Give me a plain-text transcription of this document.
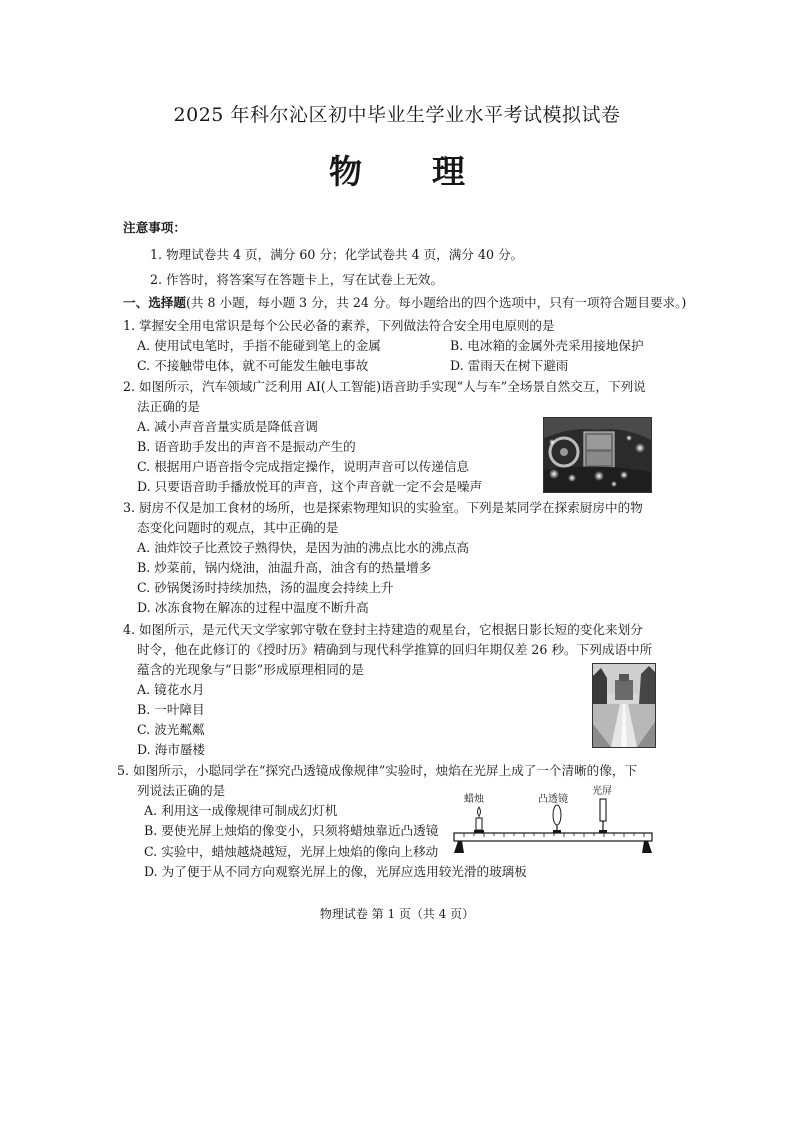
2025 年科尔沁区初中毕业生学业水平考试模拟试卷
物理
注意事项：
1. 物理试卷共 4 页，满分 60 分；化学试卷共 4 页，满分 40 分。
2. 作答时，将答案写在答题卡上，写在试卷上无效。
一、选择题(共 8 小题，每小题 3 分，共 24 分。每小题给出的四个选项中，只有一项符合题目要求。)
1. 掌握安全用电常识是每个公民必备的素养，下列做法符合安全用电原则的是
A. 使用试电笔时，手指不能碰到笔上的金属	B. 电冰箱的金属外壳采用接地保护
C. 不接触带电体，就不可能发生触电事故	D. 雷雨天在树下避雨
2. 如图所示，汽车领域广泛利用 AI(人工智能)语音助手实现“人与车”全场景自然交互，下列说
法正确的是
A. 减小声音音量实质是降低音调
B. 语音助手发出的声音不是振动产生的
C. 根据用户语音指令完成指定操作，说明声音可以传递信息
D. 只要语音助手播放悦耳的声音，这个声音就一定不会是噪声
3. 厨房不仅是加工食材的场所，也是探索物理知识的实验室。下列是某同学在探索厨房中的物
态变化问题时的观点，其中正确的是
A. 油炸饺子比煮饺子熟得快，是因为油的沸点比水的沸点高
B. 炒菜前，锅内烧油，油温升高，油含有的热量增多
C. 砂锅煲汤时持续加热，汤的温度会持续上升
D. 冰冻食物在解冻的过程中温度不断升高
4. 如图所示，是元代天文学家郭守敬在登封主持建造的观星台，它根据日影长短的变化来划分
时令，他在此修订的《授时历》精确到与现代科学推算的回归年期仅差 26 秒。下列成语中所
蕴含的光现象与“日影”形成原理相同的是
A. 镜花水月
B. 一叶障目
C. 波光粼粼
D. 海市蜃楼
5. 如图所示，小聪同学在“探究凸透镜成像规律”实验时，烛焰在光屏上成了一个清晰的像，下
列说法正确的是
A. 利用这一成像规律可制成幻灯机
B. 要使光屏上烛焰的像变小，只须将蜡烛靠近凸透镜
C. 实验中，蜡烛越烧越短，光屏上烛焰的像向上移动
D. 为了便于从不同方向观察光屏上的像，光屏应选用较光滑的玻璃板
蜡烛	凸透镜
光屏
物理试卷 第 1 页（共 4 页）
